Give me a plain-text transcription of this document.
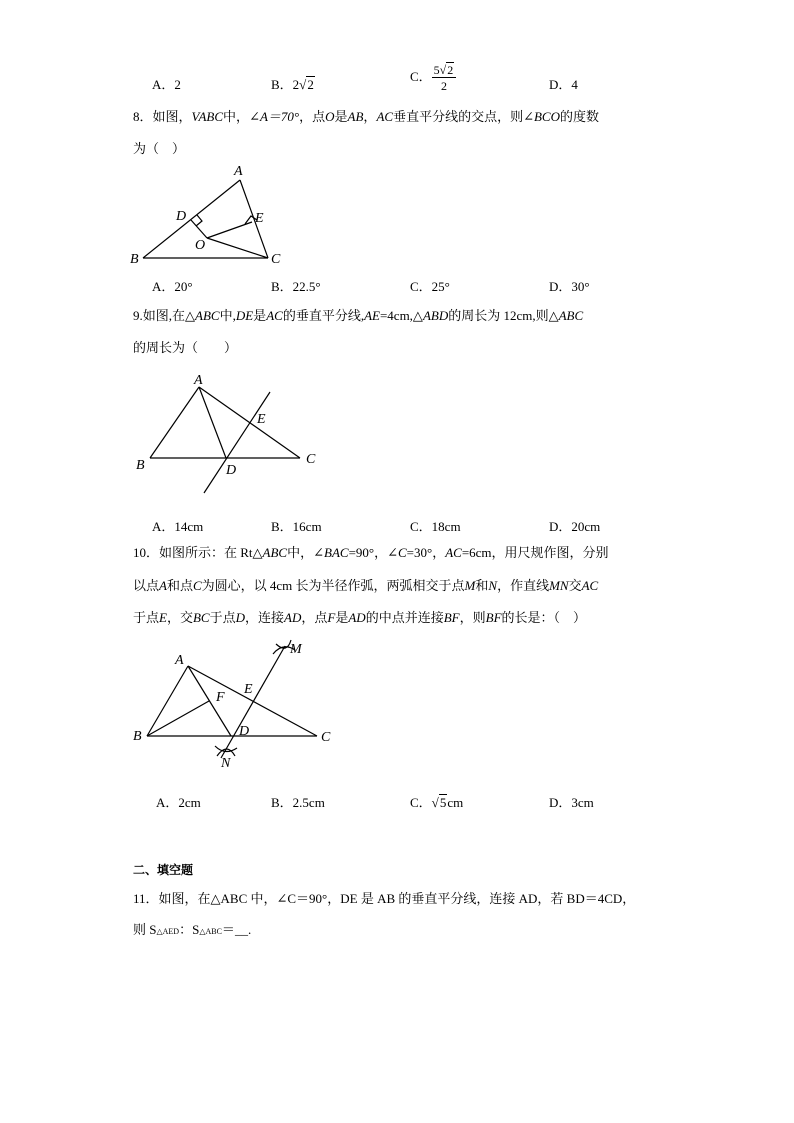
A．2	B．2√2
C． $\frac{5√2}{2}$	D．4
8．如图，VABC中，∠A＝70°，点O是AB，AC垂直平分线的交点，则∠BCO的度数
为（　）
A
B	C
D	E
O
A．20°	B．22.5°	C．25°	D．30°
9.如图,在△ABC中,DE是AC的垂直平分线,AE=4cm,△ABD的周长为 12cm,则△ABC
的周长为（　　）
A
B	C
D
E
A．14cm	B．16cm	C．18cm	D．20cm
10．如图所示：在 Rt△ABC中，∠BAC=90°，∠C=30°，AC=6cm，用尺规作图，分别
以点A和点C为圆心，以 4cm 长为半径作弧，两弧相交于点M和N，作直线MN交AC
于点E，交BC于点D，连接AD，点F是AD的中点并连接BF，则BF的长是：（　）
A
B	C
D
E
F
M
N
A．2cm	B．2.5cm	C．√5cm	D．3cm
二、填空题
11．如图，在△ABC 中，∠C＝90°，DE 是 AB 的垂直平分线，连接 AD，若 BD＝4CD，
则 S△AED：S△ABC＝__.
